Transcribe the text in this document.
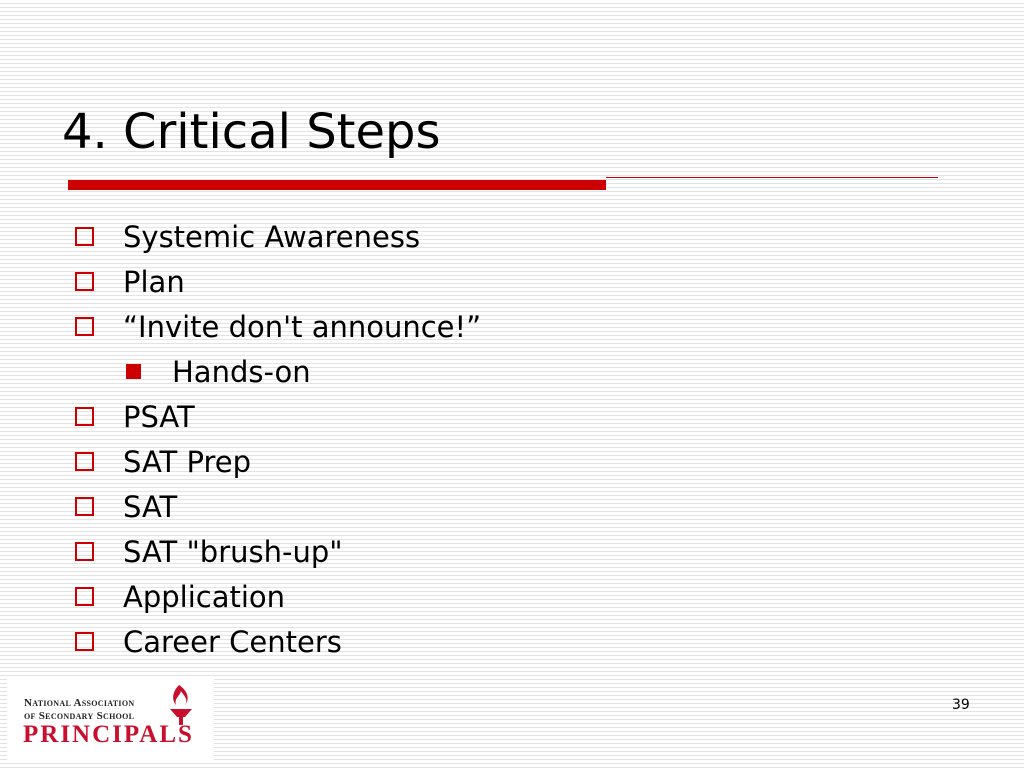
4. Critical Steps
Systemic Awareness
Plan
“Invite don't announce!”
Hands-on
PSAT
SAT Prep
SAT
SAT "brush-up"
Application
Career Centers
National Association
of Secondary School
PRINCIPALS
39
